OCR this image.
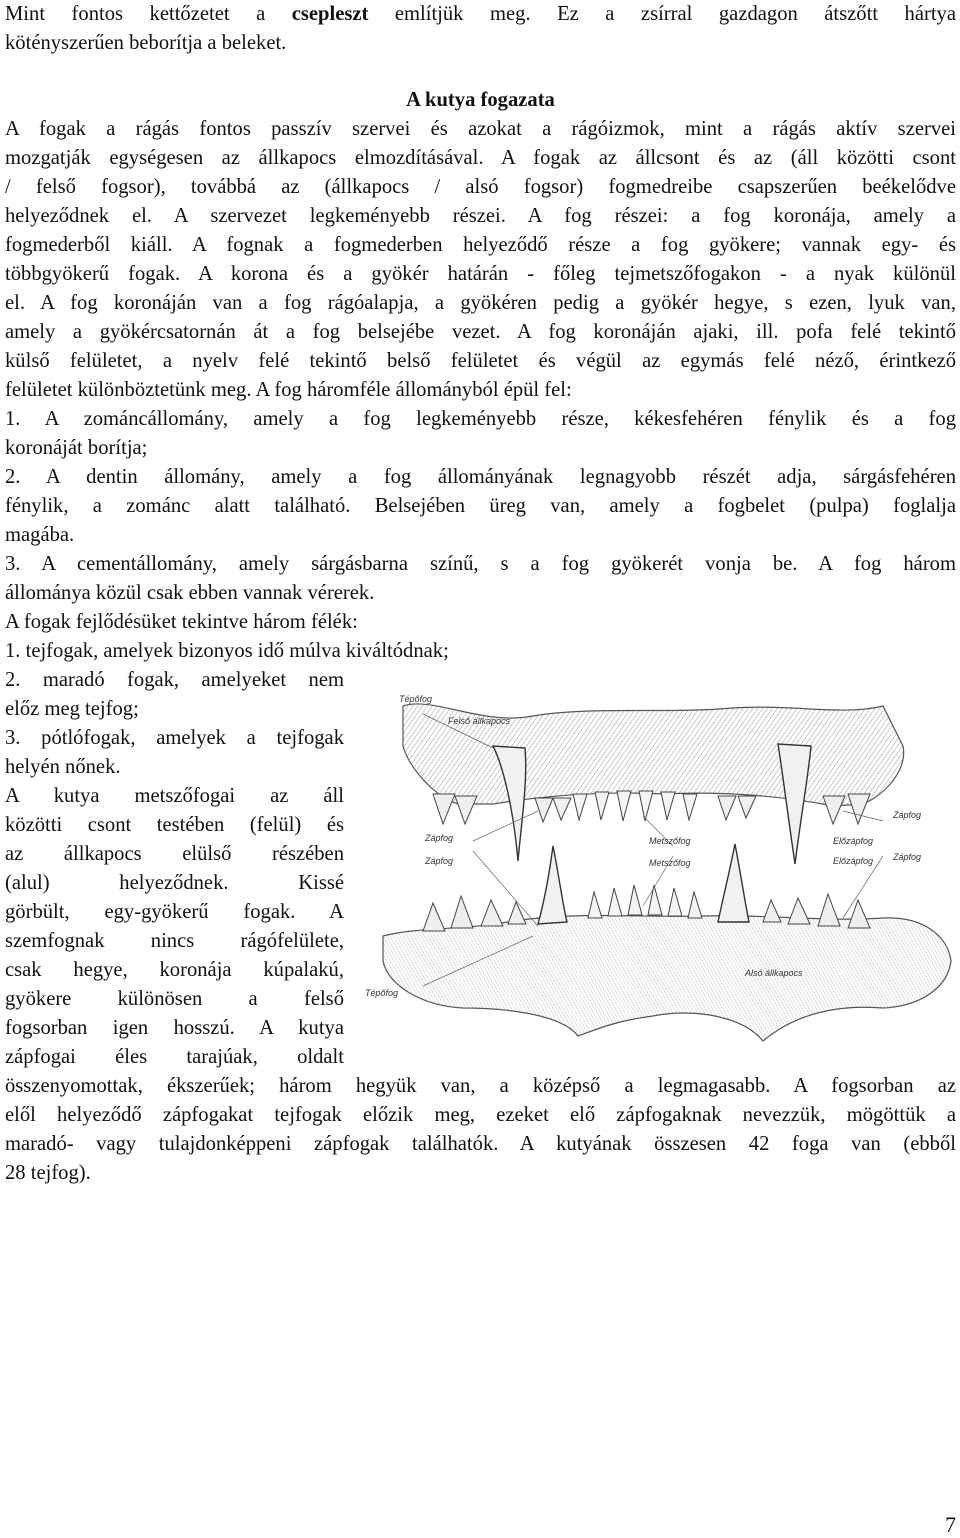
Mint fontos kettőzetet a csepleszt említjük meg. Ez a zsírral gazdagon átszőtt hártya
kötényszerűen beborítja a beleket.
A kutya fogazata
A fogak a rágás fontos passzív szervei és azokat a rágóizmok, mint a rágás aktív szervei
mozgatják egységesen az állkapocs elmozdításával. A fogak az állcsont és az (áll közötti csont
/ felső fogsor), továbbá az (állkapocs / alsó fogsor) fogmedreibe csapszerűen beékelődve
helyeződnek el. A szervezet legkeményebb részei. A fog részei: a fog koronája, amely a
fogmederből kiáll. A fognak a fogmederben helyeződő része a fog gyökere; vannak egy- és
többgyökerű fogak. A korona és a gyökér határán - főleg tejmetszőfogakon - a nyak különül
el. A fog koronáján van a fog rágóalapja, a gyökéren pedig a gyökér hegye, s ezen, lyuk van,
amely a gyökércsatornán át a fog belsejébe vezet. A fog koronáján ajaki, ill. pofa felé tekintő
külső felületet, a nyelv felé tekintő belső felületet és végül az egymás felé néző, érintkező
felületet különböztetünk meg. A fog háromféle állományból épül fel:
1. A zománcállomány, amely a fog legkeményebb része, kékesfehéren fénylik és a fog
koronáját borítja;
2. A dentin állomány, amely a fog állományának legnagyobb részét adja, sárgásfehéren
fénylik, a zománc alatt található. Belsejében üreg van, amely a fogbelet (pulpa) foglalja
magába.
3. A cementállomány, amely sárgásbarna színű, s a fog gyökerét vonja be. A fog három
állománya közül csak ebben vannak vérerek.
A fogak fejlődésüket tekintve három félék:
1. tejfogak, amelyek bizonyos idő múlva kiváltódnak;
2. maradó fogak, amelyeket nem
előz meg tejfog;
3. pótlófogak, amelyek a tejfogak
helyén nőnek.
A kutya metszőfogai az áll
közötti csont testében (felül) és
az állkapocs elülső részében
(alul) helyeződnek. Kissé
görbült, egy-gyökerű fogak. A
szemfognak nincs rágófelülete,
csak hegye, koronája kúpalakú,
gyökere különösen a felső
fogsorban igen hosszú. A kutya
zápfogai éles tarajúak, oldalt
összenyomottak, ékszerűek; három hegyük van, a középső a legmagasabb. A fogsorban az
elől helyeződő zápfogakat tejfogak előzik meg, ezeket elő zápfogaknak nevezzük, mögöttük a
maradó- vagy tulajdonképpeni zápfogak találhatók. A kutyának összesen 42 foga van (ebből
28 tejfog).
Tépőfog
Felső állkapocs
Zápfog
Zápfog
Metszőfog
Metszőfog
Zápfog
Zápfog
Előzápfog
Előzápfog
Alsó állkapocs
Tépőfog
7
